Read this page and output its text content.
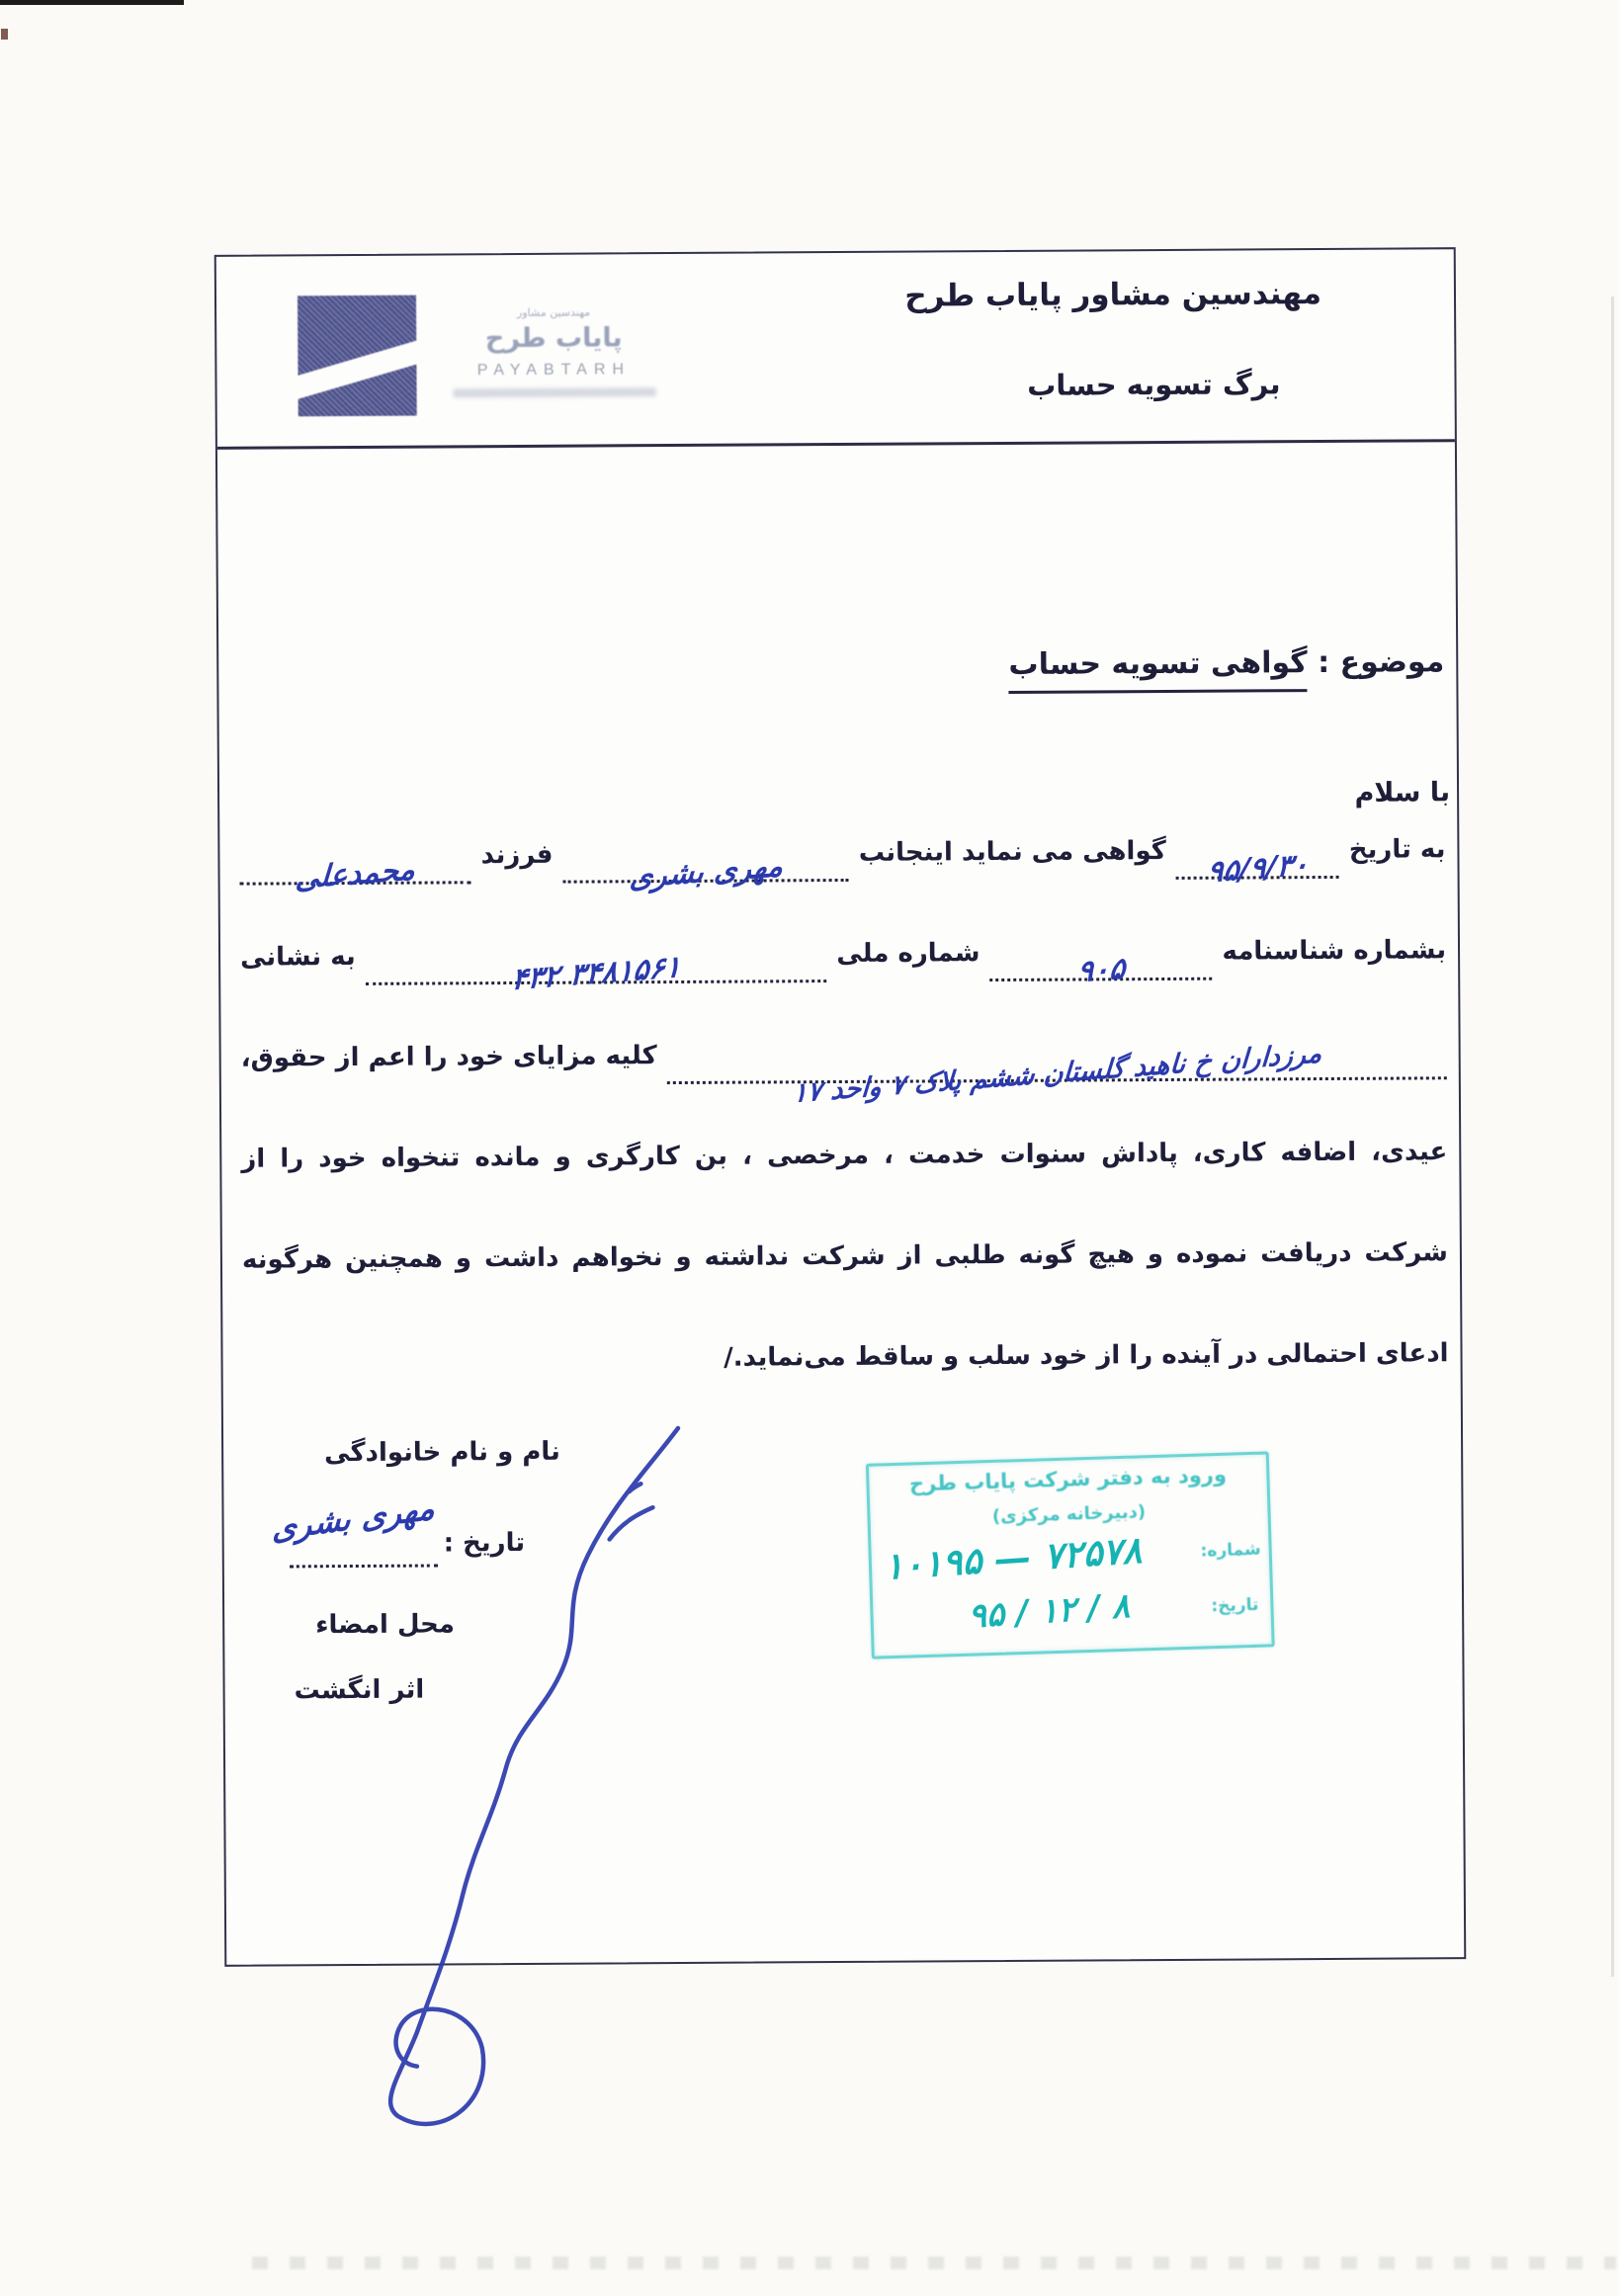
مهندسین مشاور
پایاب طرح
PAYABTARH
مهندسین مشاور پایاب طرح
برگ تسویه حساب
موضوع : گواهی تسویه حساب
با سلام
به تاریخ
۹۵/۹/۳۰
گواهی می نماید اینجانب
مهری بشری
فرزند
محمدعلی
بشماره شناسنامه
۹۰۵
شماره ملی
۴۳۲ ۳۴۸۱۵۶۱
به نشانی
مرزداران خ ناهید گلستان ششم پلاک ۷ واحد ۱۷
کلیه مزایای خود را اعم از حقوق،
عیدی، اضافه کاری، پاداش سنوات خدمت ، مرخصی ، بن کارگری و مانده تنخواه خود را از
شرکت دریافت نموده و هیچ گونه طلبی از شرکت نداشته و نخواهم داشت و همچنین هرگونه
ادعای احتمالی در آینده را از خود سلب و ساقط می‌نماید./
نام و نام خانوادگی
تاریخ :
مهری بشری
محل امضاء
اثر انگشت
ورود به دفتر شرکت پایاب طرح
(دبیرخانه مرکزی)
شماره:
تاریخ:
۱۰۱۹۵ — ۷۲۵۷۸
۹۵ / ۱۲ / ۸
